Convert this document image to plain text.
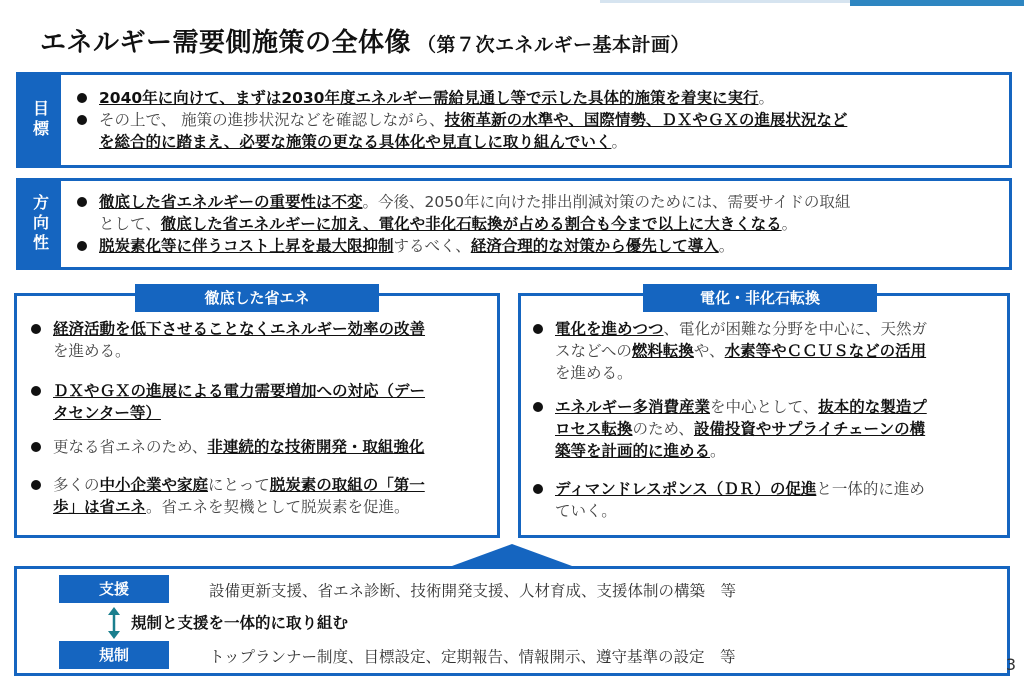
エネルギー需要側施策の全体像 （第７次エネルギー基本計画）
目標
2040年に向けて、まずは2030年度エネルギー需給見通し等で示した具体的施策を着実に実行。
その上で、 施策の進捗状況などを確認しながら、技術革新の水準や、国際情勢、ＤＸやＧＸの進展状況など
を総合的に踏まえ、必要な施策の更なる具体化や見直しに取り組んでいく。
方向性	徹底した省エネルギーの重要性は不変。今後、2050年に向けた排出削減対策のためには、需要サイドの取組
として、徹底した省エネルギーに加え、電化や非化石転換が占める割合も今まで以上に大きくなる。
脱炭素化等に伴うコスト上昇を最大限抑制するべく、経済合理的な対策から優先して導入。
徹底した省エネ
経済活動を低下させることなくエネルギー効率の改善
を進める。
ＤＸやＧＸの進展による電力需要増加への対応（デー
タセンター等）
更なる省エネのため、非連続的な技術開発・取組強化
多くの中小企業や家庭にとって脱炭素の取組の「第一
歩」は省エネ。省エネを契機として脱炭素を促進。
電化・非化石転換
電化を進めつつ、電化が困難な分野を中心に、天然ガ
スなどへの燃料転換や、水素等やＣＣＵＳなどの活用
を進める。
エネルギー多消費産業を中心として、抜本的な製造プ
ロセス転換のため、設備投資やサプライチェーンの構
築等を計画的に進める。
ディマンドレスポンス（ＤＲ）の促進と一体的に進め
ていく。
支援	設備更新支援、省エネ診断、技術開発支援、人材育成、支援体制の構築　等
規制と支援を一体的に取り組む
規制	トップランナー制度、目標設定、定期報告、情報開示、遵守基準の設定　等	3
